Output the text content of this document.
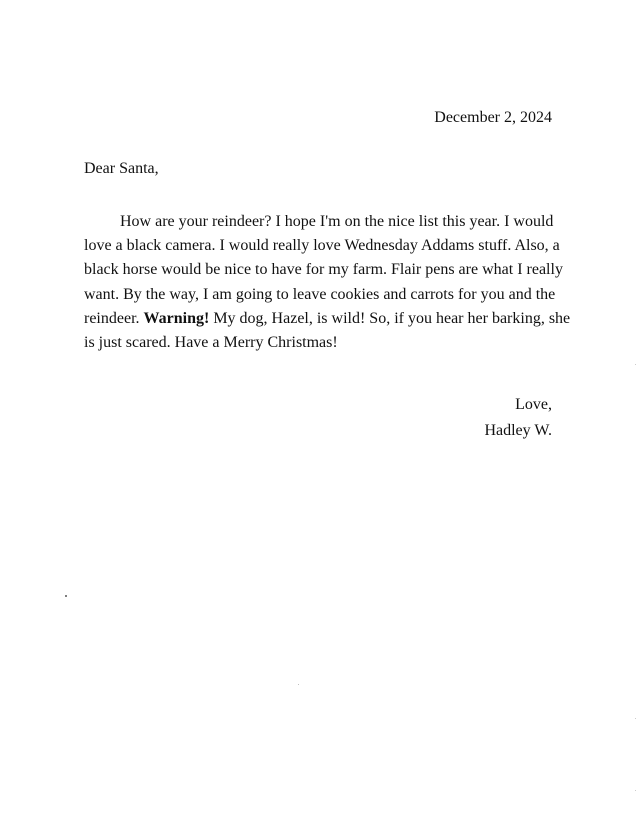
December 2, 2024
Dear Santa,
How are your reindeer? I hope I'm on the nice list this year. I would
love a black camera. I would really love Wednesday Addams stuff. Also, a
black horse would be nice to have for my farm. Flair pens are what I really
want. By the way, I am going to leave cookies and carrots for you and the
reindeer. Warning! My dog, Hazel, is wild! So, if you hear her barking, she
is just scared. Have a Merry Christmas!
Love,
Hadley W.
